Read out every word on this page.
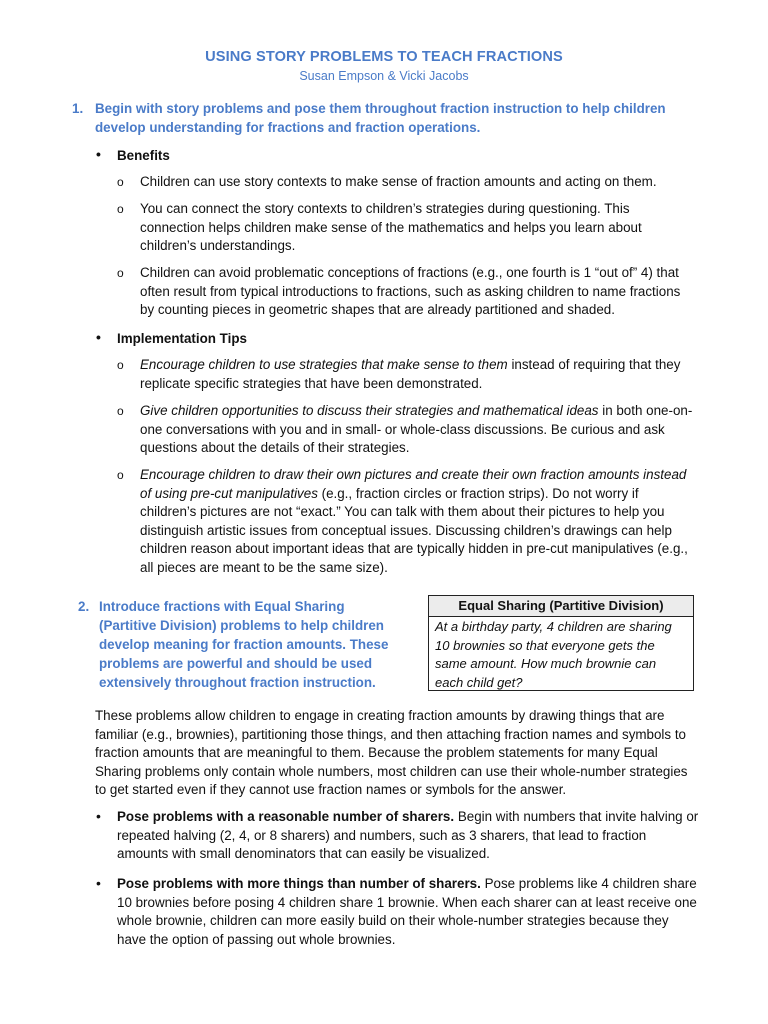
USING STORY PROBLEMS TO TEACH FRACTIONS
Susan Empson & Vicki Jacobs
1. Begin with story problems and pose them throughout fraction instruction to help children develop understanding for fractions and fraction operations.
• Benefits
o Children can use story contexts to make sense of fraction amounts and acting on them.
o You can connect the story contexts to children’s strategies during questioning. This connection helps children make sense of the mathematics and helps you learn about children’s understandings.
o Children can avoid problematic conceptions of fractions (e.g., one fourth is 1 “out of” 4) that often result from typical introductions to fractions, such as asking children to name fractions by counting pieces in geometric shapes that are already partitioned and shaded.
• Implementation Tips
o Encourage children to use strategies that make sense to them instead of requiring that they replicate specific strategies that have been demonstrated.
o Give children opportunities to discuss their strategies and mathematical ideas in both one-on-one conversations with you and in small- or whole-class discussions. Be curious and ask questions about the details of their strategies.
o Encourage children to draw their own pictures and create their own fraction amounts instead of using pre-cut manipulatives (e.g., fraction circles or fraction strips). Do not worry if children’s pictures are not “exact.” You can talk with them about their pictures to help you distinguish artistic issues from conceptual issues. Discussing children’s drawings can help children reason about important ideas that are typically hidden in pre-cut manipulatives (e.g., all pieces are meant to be the same size).
2. Introduce fractions with Equal Sharing (Partitive Division) problems to help children develop meaning for fraction amounts. These problems are powerful and should be used extensively throughout fraction instruction.
Equal Sharing (Partitive Division)
At a birthday party, 4 children are sharing 10 brownies so that everyone gets the same amount. How much brownie can each child get?
These problems allow children to engage in creating fraction amounts by drawing things that are familiar (e.g., brownies), partitioning those things, and then attaching fraction names and symbols to fraction amounts that are meaningful to them. Because the problem statements for many Equal Sharing problems only contain whole numbers, most children can use their whole-number strategies to get started even if they cannot use fraction names or symbols for the answer.
• Pose problems with a reasonable number of sharers. Begin with numbers that invite halving or repeated halving (2, 4, or 8 sharers) and numbers, such as 3 sharers, that lead to fraction amounts with small denominators that can easily be visualized.
• Pose problems with more things than number of sharers. Pose problems like 4 children share 10 brownies before posing 4 children share 1 brownie. When each sharer can at least receive one whole brownie, children can more easily build on their whole-number strategies because they have the option of passing out whole brownies.
